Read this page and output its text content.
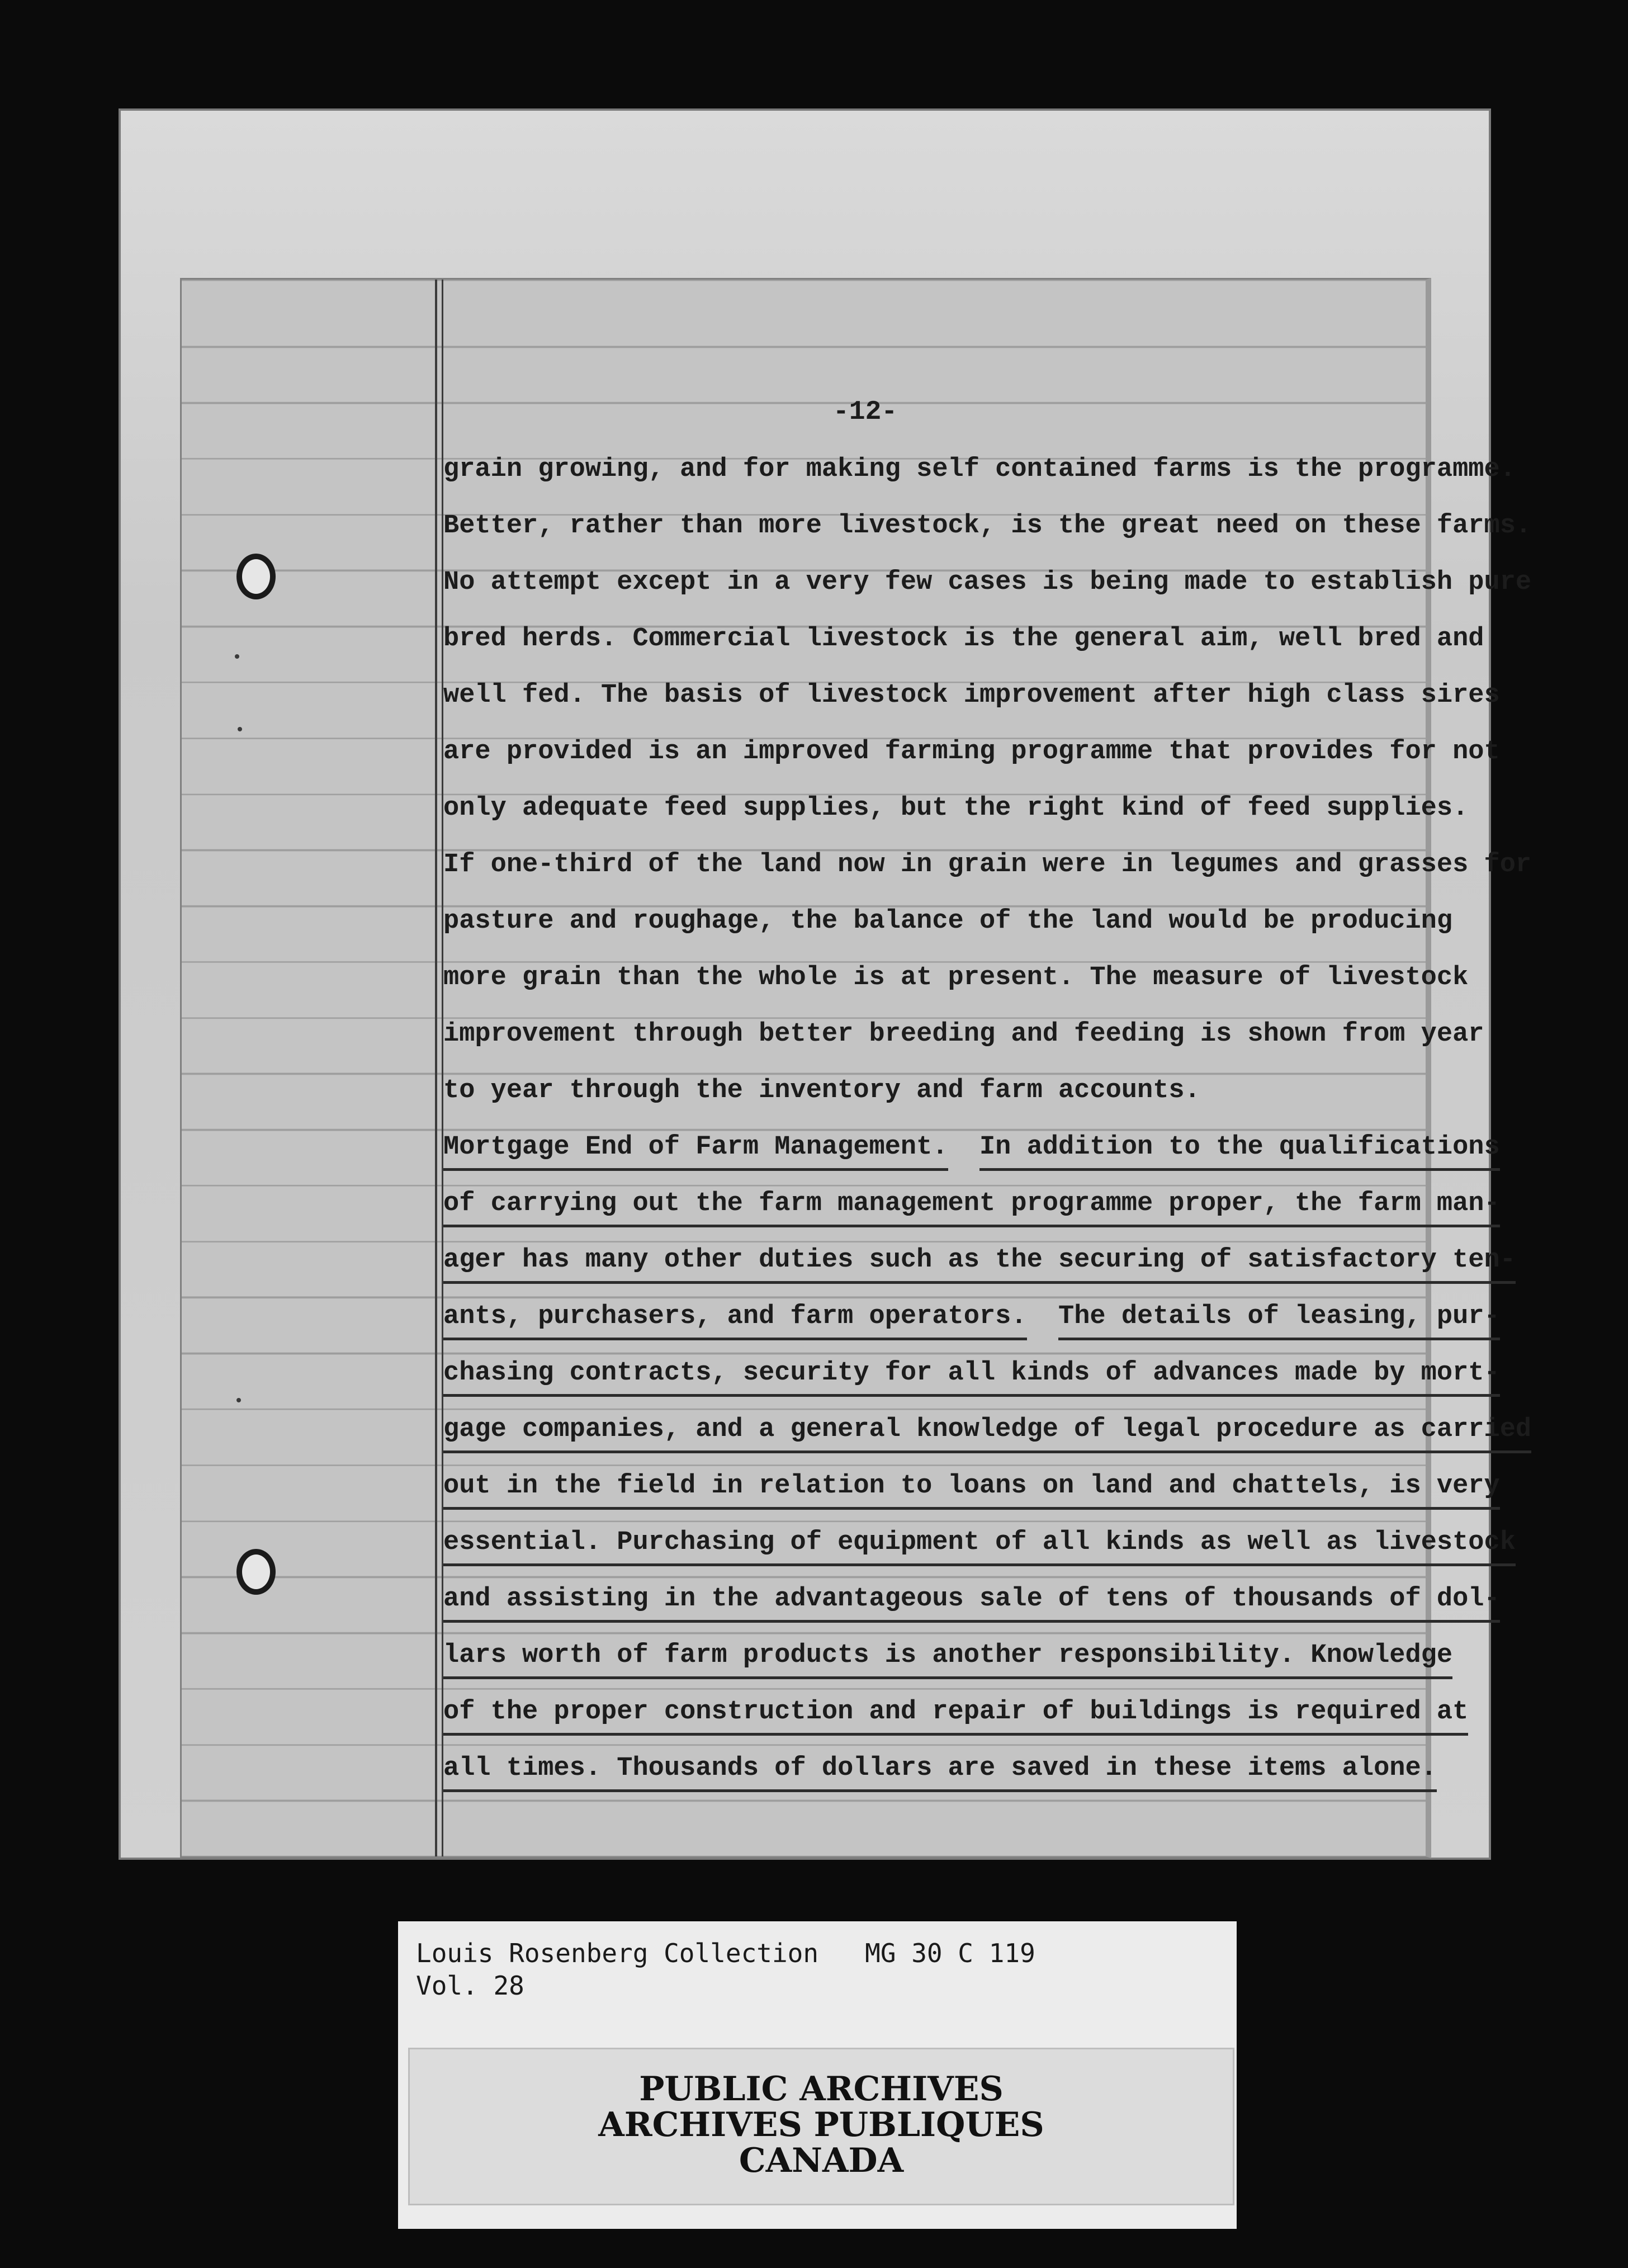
-12-
grain growing, and for making self contained farms is the programme.
Better, rather than more livestock, is the great need on these farms.
No attempt except in a very few cases is being made to establish pure
bred herds. Commercial livestock is the general aim, well bred and
well fed. The basis of livestock improvement after high class sires
are provided is an improved farming programme that provides for not
only adequate feed supplies, but the right kind of feed supplies.
If one-third of the land now in grain were in legumes and grasses for
pasture and roughage, the balance of the land would be producing
more grain than the whole is at present. The measure of livestock
improvement through better breeding and feeding is shown from year
to year through the inventory and farm accounts.
Mortgage End of Farm Management. In addition to the qualifications
of carrying out the farm management programme proper, the farm man-
ager has many other duties such as the securing of satisfactory ten-
ants, purchasers, and farm operators. The details of leasing, pur-
chasing contracts, security for all kinds of advances made by mort-
gage companies, and a general knowledge of legal procedure as carried
out in the field in relation to loans on land and chattels, is very
essential. Purchasing of equipment of all kinds as well as livestock
and assisting in the advantageous sale of tens of thousands of dol-
lars worth of farm products is another responsibility. Knowledge
of the proper construction and repair of buildings is required at
all times. Thousands of dollars are saved in these items alone.
Louis Rosenberg Collection   MG 30 C 119
Vol. 28
PUBLIC ARCHIVES
ARCHIVES PUBLIQUES
CANADA
